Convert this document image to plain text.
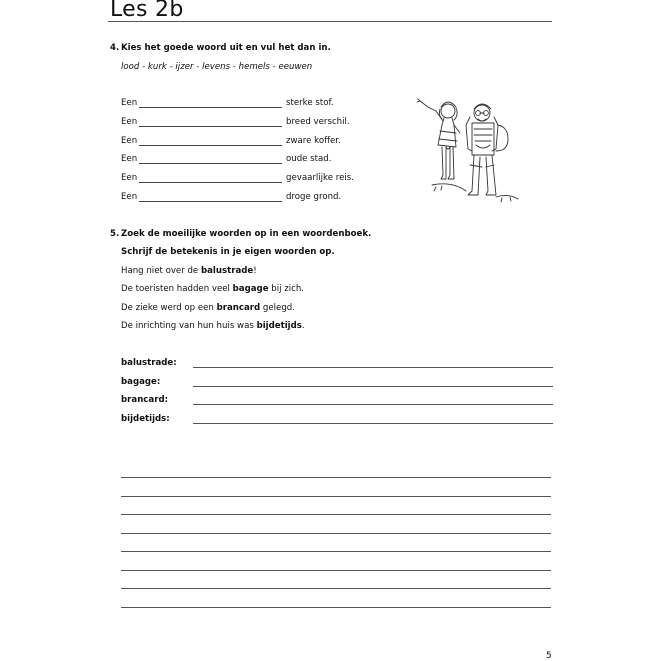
Les 2b
4. Kies het goede woord uit en vul het dan in.
lood - kurk - ijzer - levens - hemels - eeuwen
Een	sterke stof.
Een	breed verschil.
Een	zware koffer.
Een	oude stad.
Een	gevaarlijke reis.
Een	droge grond.
5. Zoek de moeilijke woorden op in een woordenboek.
Schrijf de betekenis in je eigen woorden op.
Hang niet over de balustrade!
De toeristen hadden veel bagage bij zich.
De zieke werd op een brancard gelegd.
De inrichting van hun huis was bijdetijds.
balustrade:
bagage:
brancard:
bijdetijds:
5
